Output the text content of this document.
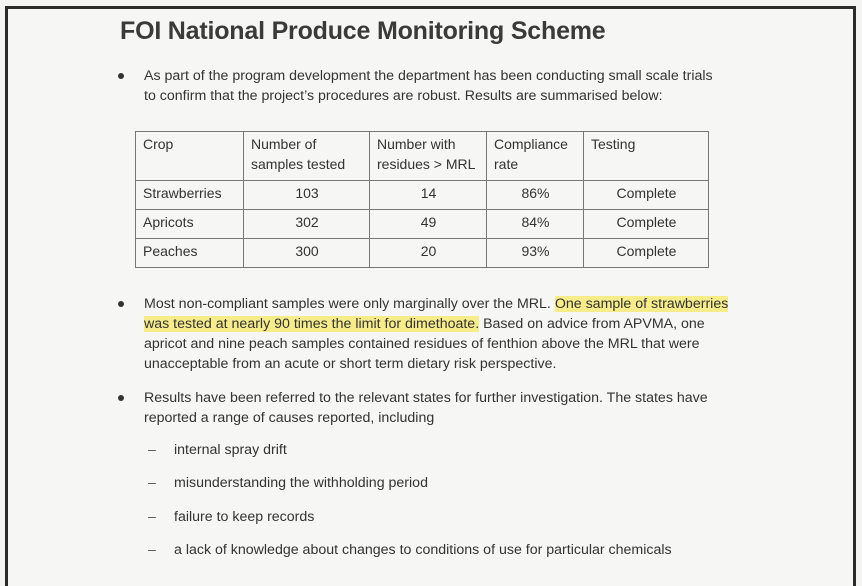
FOI National Produce Monitoring Scheme
As part of the program development the department has been conducting small scale trials to confirm that the project’s procedures are robust. Results are summarised below:
Crop	Number of samples tested	Number with residues > MRL	Compliance rate	Testing
Strawberries	103	14	86%	Complete
Apricots	302	49	84%	Complete
Peaches	300	20	93%	Complete
Most non-compliant samples were only marginally over the MRL. One sample of strawberries was tested at nearly 90 times the limit for dimethoate. Based on advice from APVMA, one apricot and nine peach samples contained residues of fenthion above the MRL that were unacceptable from an acute or short term dietary risk perspective.
Results have been referred to the relevant states for further investigation. The states have reported a range of causes reported, including
– internal spray drift
– misunderstanding the withholding period
– failure to keep records
– a lack of knowledge about changes to conditions of use for particular chemicals
